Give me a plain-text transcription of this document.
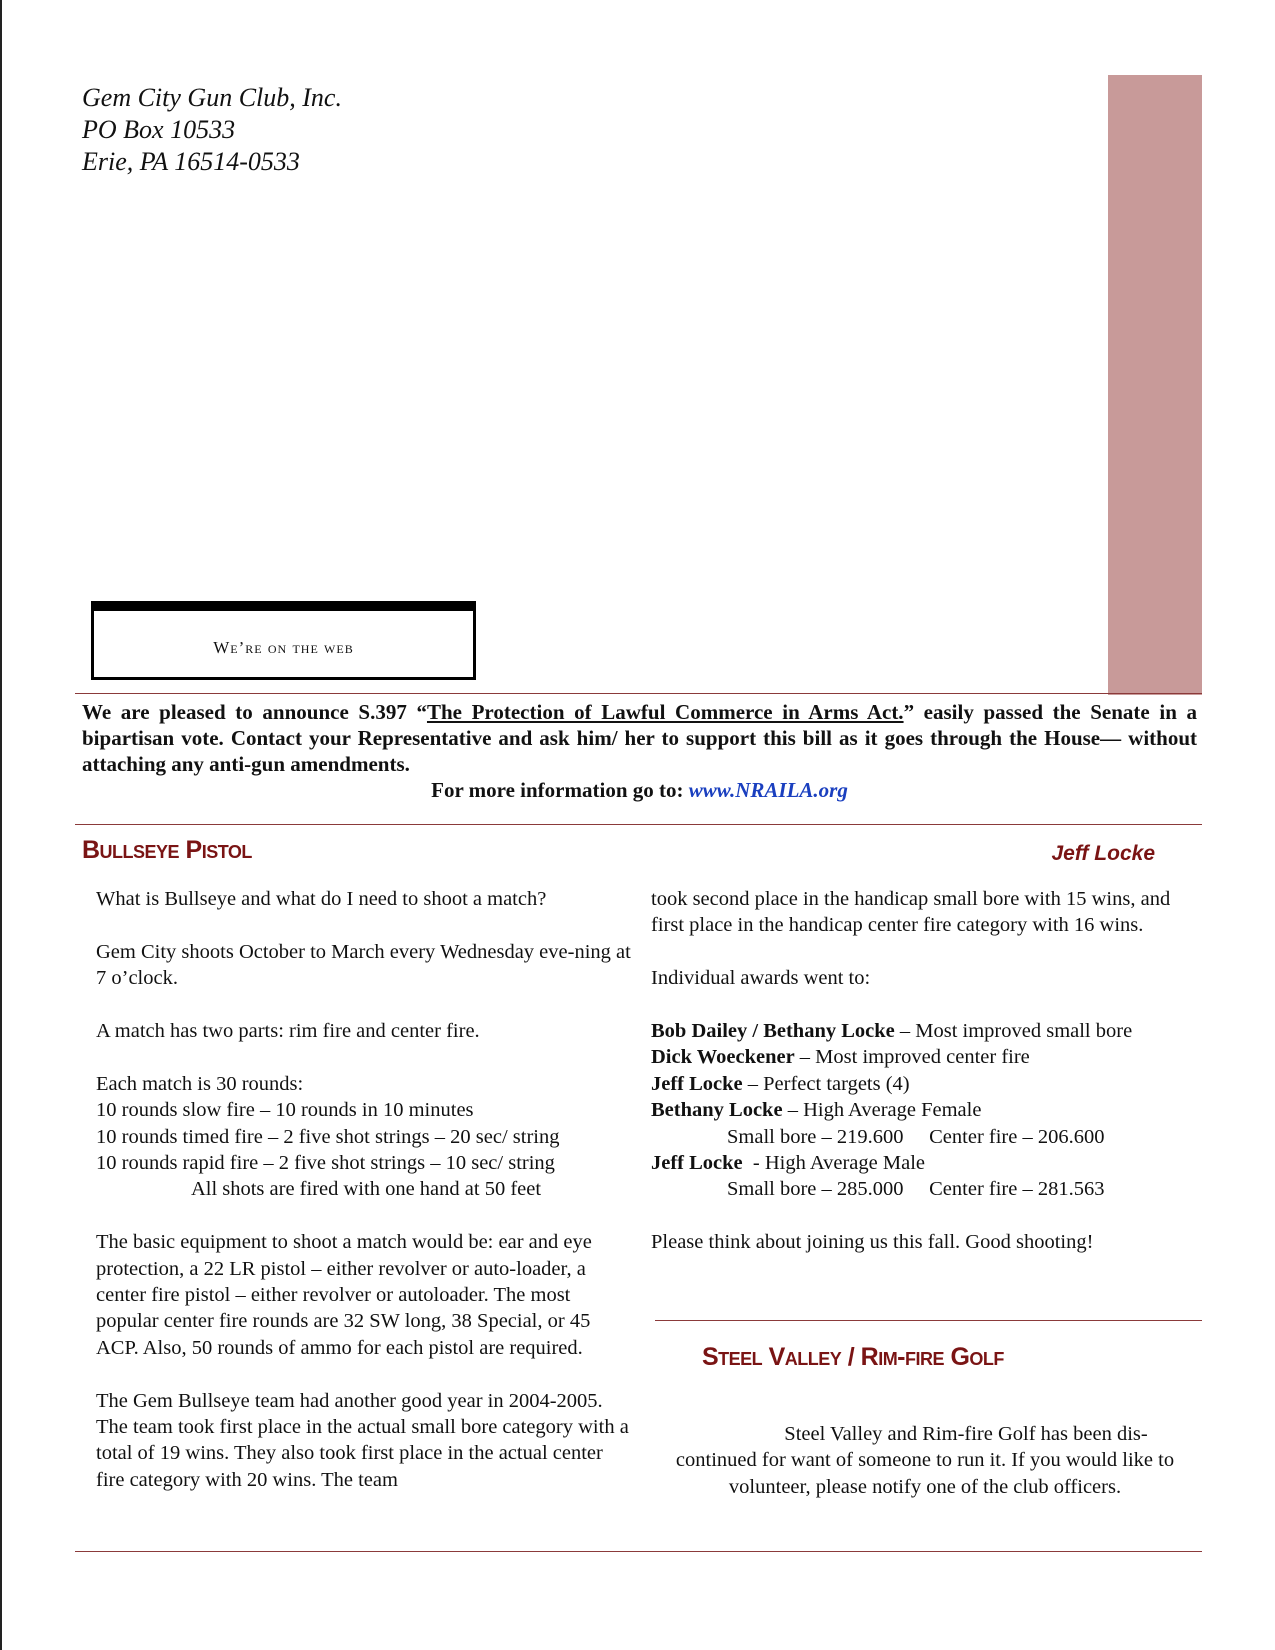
Gem City Gun Club, Inc.
PO Box 10533
Erie, PA 16514-0533
We’re on the web
We are pleased to announce S.397 “The Protection of Lawful Commerce in Arms Act.” easily passed the Senate in a bipartisan vote. Contact your Representative and ask him/ her to support this bill as it goes through the House— without attaching any anti-gun amendments.
For more information go to: www.NRAILA.org
Bullseye Pistol	Jeff Locke

What is Bullseye and what do I need to shoot a match?

Gem City shoots October to March every Wednesday eve-ning at 7 o’clock.

A match has two parts: rim fire and center fire.

Each match is 30 rounds:

10 rounds slow fire – 10 rounds in 10 minutes

10 rounds timed fire – 2 five shot strings – 20 sec/ string

10 rounds rapid fire – 2 five shot strings – 10 sec/ string

All shots are fired with one hand at 50 feet

The basic equipment to shoot a match would be: ear and eye protection, a 22 LR pistol – either revolver or auto-loader, a center fire pistol – either revolver or autoloader. The most popular center fire rounds are 32 SW long, 38 Special, or 45 ACP. Also, 50 rounds of ammo for each pistol are required.

The Gem Bullseye team had another good year in 2004-2005. The team took first place in the actual small bore category with a total of 19 wins. They also took first place in the actual center fire category with 20 wins. The team

took second place in the handicap small bore with 15 wins, and first place in the handicap center fire category with 16 wins.

Individual awards went to:

Bob Dailey / Bethany Locke – Most improved small bore

Dick Woeckener – Most improved center fire

Jeff Locke – Perfect targets (4)

Bethany Locke – High Average Female

Small bore – 219.600     Center fire – 206.600

Jeff Locke  - High Average Male

Small bore – 285.000     Center fire – 281.563

Please think about joining us this fall. Good shooting!

Steel Valley / Rim-fire Golf

Steel Valley and Rim-fire Golf has been dis-continued for want of someone to run it. If you would like to volunteer, please notify one of the club officers.
